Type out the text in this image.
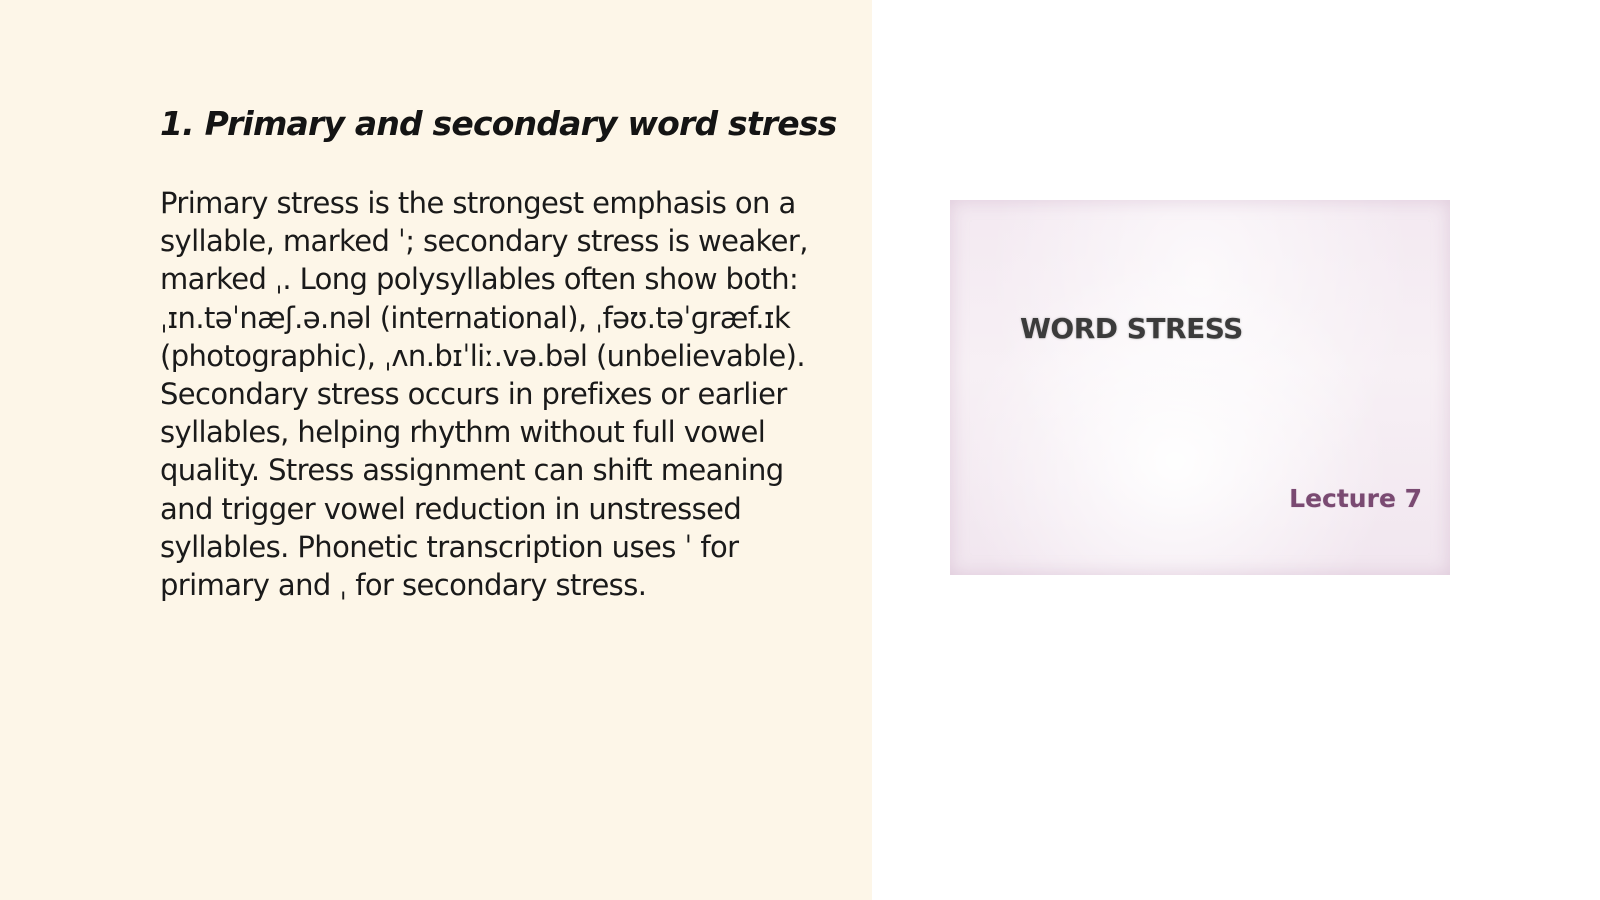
1. Primary and secondary word stress

Primary stress is the strongest emphasis on a syllable, marked ˈ; secondary stress is weaker, marked ˌ. Long polysyllables often show both: ˌɪn.təˈnæʃ.ə.nəl (international), ˌfəʊ.təˈɡræf.ɪk (photographic), ˌʌn.bɪˈliː.və.bəl (unbelievable). Secondary stress occurs in prefixes or earlier syllables, helping rhythm without full vowel quality. Stress assignment can shift meaning and trigger vowel reduction in unstressed syllables. Phonetic transcription uses ˈ for primary and ˌ for secondary stress.

WORD STRESS
Lecture 7
